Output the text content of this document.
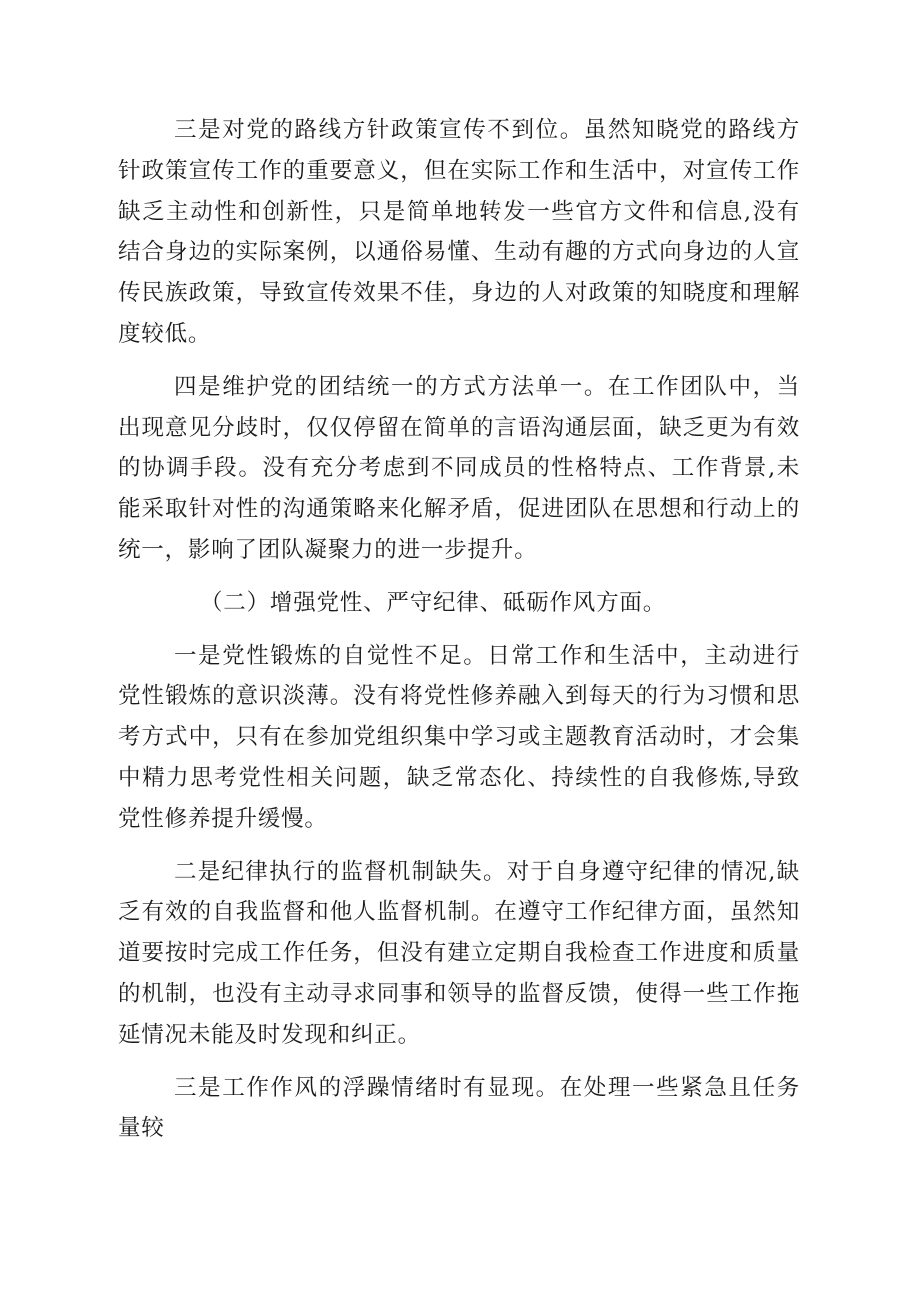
三是对党的路线方针政策宣传不到位。虽然知晓党的路线方针政策宣传工作的重要意义，但在实际工作和生活中，对宣传工作缺乏主动性和创新性，只是简单地转发一些官方文件和信息,没有结合身边的实际案例，以通俗易懂、生动有趣的方式向身边的人宣传民族政策，导致宣传效果不佳，身边的人对政策的知晓度和理解度较低。

四是维护党的团结统一的方式方法单一。在工作团队中，当出现意见分歧时，仅仅停留在简单的言语沟通层面，缺乏更为有效的协调手段。没有充分考虑到不同成员的性格特点、工作背景,未能采取针对性的沟通策略来化解矛盾，促进团队在思想和行动上的统一，影响了团队凝聚力的进一步提升。

（二）增强党性、严守纪律、砥砺作风方面。

一是党性锻炼的自觉性不足。日常工作和生活中，主动进行党性锻炼的意识淡薄。没有将党性修养融入到每天的行为习惯和思考方式中，只有在参加党组织集中学习或主题教育活动时，才会集中精力思考党性相关问题，缺乏常态化、持续性的自我修炼,导致党性修养提升缓慢。

二是纪律执行的监督机制缺失。对于自身遵守纪律的情况,缺乏有效的自我监督和他人监督机制。在遵守工作纪律方面，虽然知道要按时完成工作任务，但没有建立定期自我检查工作进度和质量的机制，也没有主动寻求同事和领导的监督反馈，使得一些工作拖延情况未能及时发现和纠正。

三是工作作风的浮躁情绪时有显现。在处理一些紧急且任务量较
